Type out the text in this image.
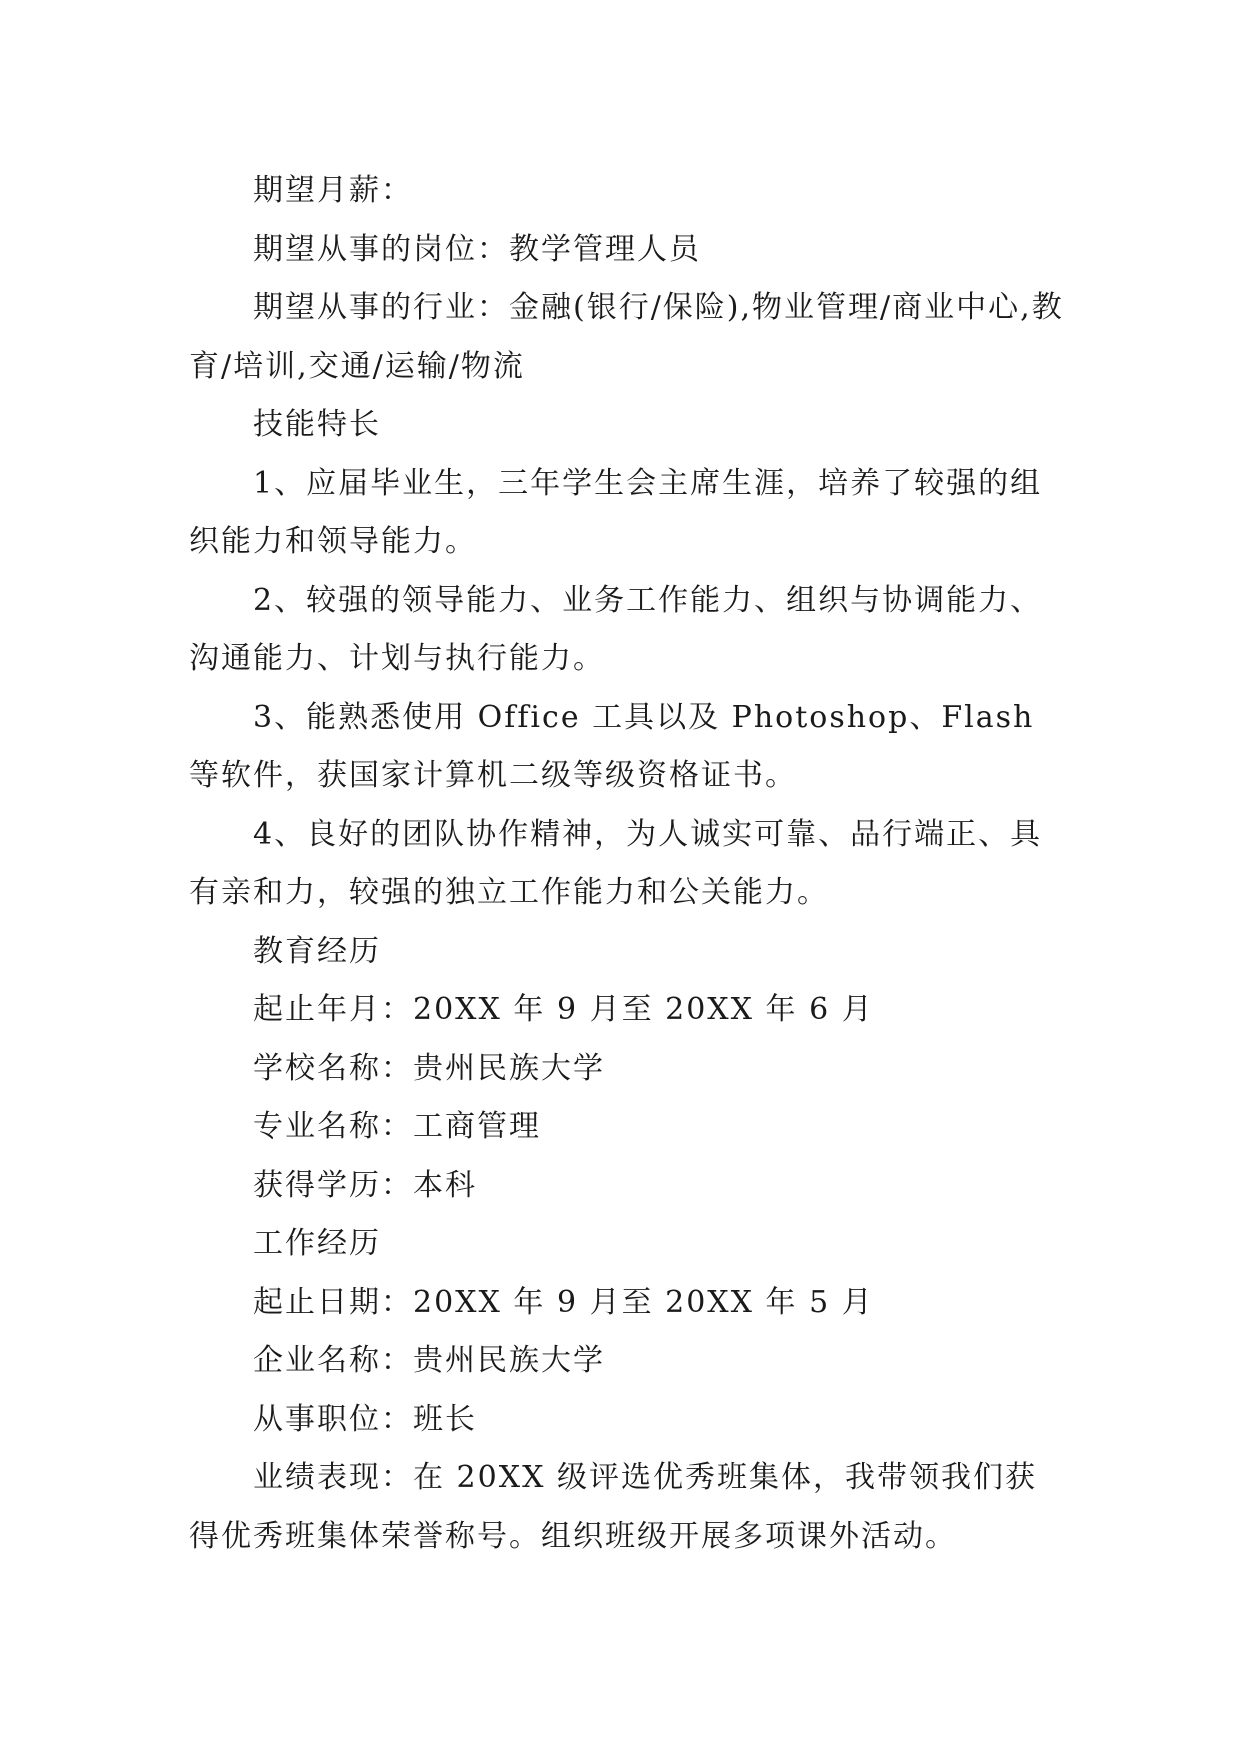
期望月薪：

期望从事的岗位：教学管理人员

期望从事的行业：金融(银行/保险),物业管理/商业中心,教育/培训,交通/运输/物流

技能特长

1、应届毕业生，三年学生会主席生涯，培养了较强的组织能力和领导能力。

2、较强的领导能力、业务工作能力、组织与协调能力、沟通能力、计划与执行能力。

3、能熟悉使用 Office 工具以及 Photoshop、Flash 等软件，获国家计算机二级等级资格证书。

4、良好的团队协作精神，为人诚实可靠、品行端正、具有亲和力，较强的独立工作能力和公关能力。

教育经历

起止年月：20XX 年 9 月至 20XX 年 6 月

学校名称：贵州民族大学

专业名称：工商管理

获得学历：本科

工作经历

起止日期：20XX 年 9 月至 20XX 年 5 月

企业名称：贵州民族大学

从事职位：班长

业绩表现：在 20XX 级评选优秀班集体，我带领我们获得优秀班集体荣誉称号。组织班级开展多项课外活动。
